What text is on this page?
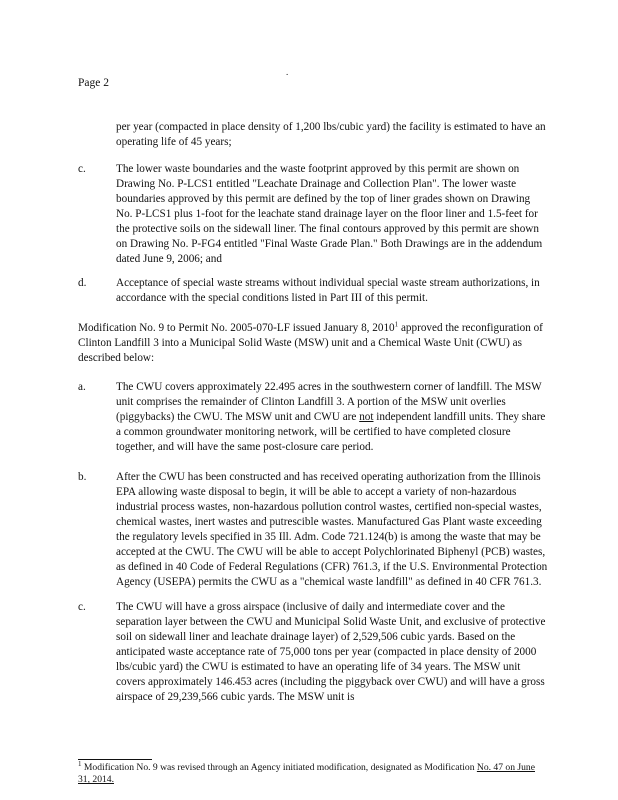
.
Page 2

per year (compacted in place density of 1,200 lbs/cubic yard) the facility is estimated to have an operating life of 45 years;

c.	The lower waste boundaries and the waste footprint approved by this permit are shown on Drawing No. P-LCS1 entitled "Leachate Drainage and Collection Plan". The lower waste boundaries approved by this permit are defined by the top of liner grades shown on Drawing No. P-LCS1 plus 1-foot for the leachate stand drainage layer on the floor liner and 1.5-feet for the protective soils on the sidewall liner. The final contours approved by this permit are shown on Drawing No. P-FG4 entitled "Final Waste Grade Plan." Both Drawings are in the addendum dated June 9, 2006; and

d.	Acceptance of special waste streams without individual special waste stream authorizations, in accordance with the special conditions listed in Part III of this permit.

Modification No. 9 to Permit No. 2005-070-LF issued January 8, 2010$^1$ approved the reconfiguration of Clinton Landfill 3 into a Municipal Solid Waste (MSW) unit and a Chemical Waste Unit (CWU) as described below:

a.	The CWU covers approximately 22.495 acres in the southwestern corner of landfill. The MSW unit comprises the remainder of Clinton Landfill 3. A portion of the MSW unit overlies (piggybacks) the CWU. The MSW unit and CWU are not independent landfill units. They share a common groundwater monitoring network, will be certified to have completed closure together, and will have the same post-closure care period.

b.	After the CWU has been constructed and has received operating authorization from the Illinois EPA allowing waste disposal to begin, it will be able to accept a variety of non-hazardous industrial process wastes, non-hazardous pollution control wastes, certified non-special wastes, chemical wastes, inert wastes and putrescible wastes. Manufactured Gas Plant waste exceeding the regulatory levels specified in 35 Ill. Adm. Code 721.124(b) is among the waste that may be accepted at the CWU. The CWU will be able to accept Polychlorinated Biphenyl (PCB) wastes, as defined in 40 Code of Federal Regulations (CFR) 761.3, if the U.S. Environmental Protection Agency (USEPA) permits the CWU as a "chemical waste landfill" as defined in 40 CFR 761.3.

c.	The CWU will have a gross airspace (inclusive of daily and intermediate cover and the separation layer between the CWU and Municipal Solid Waste Unit, and exclusive of protective soil on sidewall liner and leachate drainage layer) of 2,529,506 cubic yards. Based on the anticipated waste acceptance rate of 75,000 tons per year (compacted in place density of 2000 lbs/cubic yard) the CWU is estimated to have an operating life of 34 years. The MSW unit covers approximately 146.453 acres (including the piggyback over CWU) and will have a gross airspace of 29,239,566 cubic yards. The MSW unit is

$^1$ Modification No. 9 was revised through an Agency initiated modification, designated as Modification No. 47 on June 31, 2014.
